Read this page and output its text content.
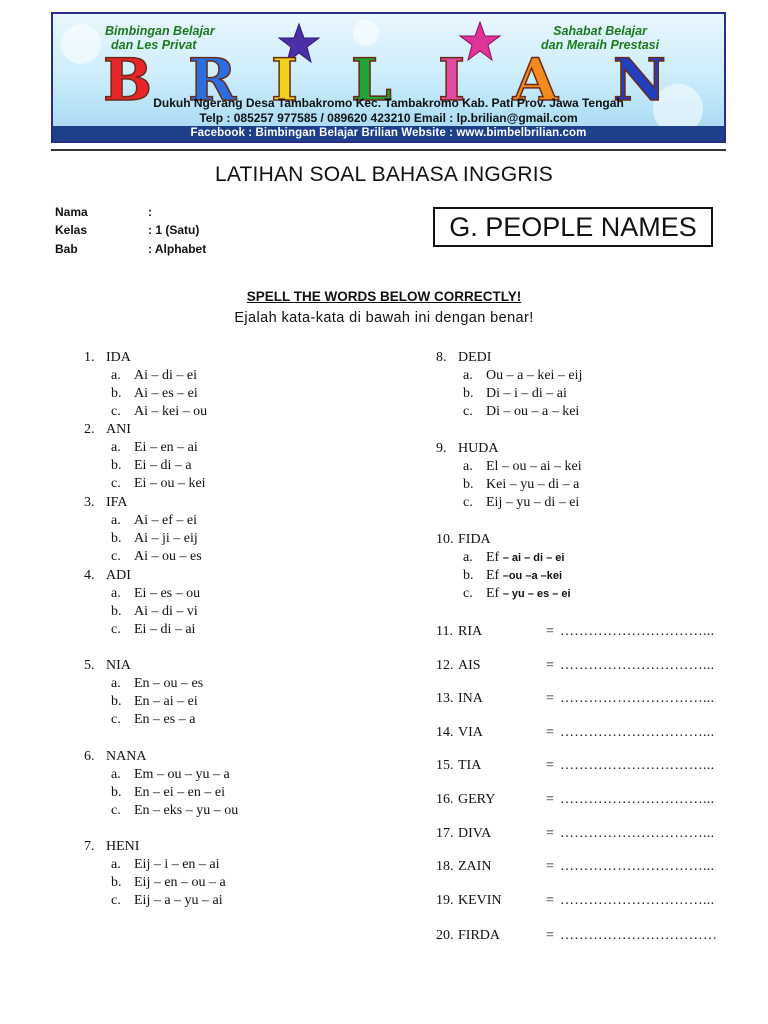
Bimbingan Belajar
dan Les Privat
Sahabat Belajar
dan Meraih Prestasi
B R I L I A N
Dukuh Ngerang Desa Tambakromo Kec. Tambakromo Kab. Pati Prov. Jawa Tengah
Telp : 085257 977585 / 089620 423210 Email : lp.brilian@gmail.com
Facebook : Bimbingan Belajar Brilian Website : www.bimbelbrilian.com
LATIHAN SOAL BAHASA INGGRIS
Nama	:
Kelas	: 1 (Satu)
Bab	: Alphabet
G. PEOPLE NAMES
SPELL THE WORDS BELOW CORRECTLY!
Ejalah kata-kata di bawah ini dengan benar!
1. IDA
a. Ai – di – ei
b. Ai – es – ei
c. Ai – kei – ou
2. ANI
a. Ei – en – ai
b. Ei – di – a
c. Ei – ou – kei
3. IFA
a. Ai – ef – ei
b. Ai – ji – eij
c. Ai – ou – es
4. ADI
a. Ei – es – ou
b. Ai – di – vi
c. Ei – di – ai
5. NIA
a. En – ou – es
b. En – ai – ei
c. En – es – a
6. NANA
a. Em – ou – yu – a
b. En – ei – en – ei
c. En – eks – yu – ou
7. HENI
a. Eij – i – en – ai
b. Eij – en – ou – a
c. Eij – a – yu – ai
8. DEDI
a. Ou – a – kei – eij
b. Di – i – di – ai
c. Di – ou – a – kei
9. HUDA
a. El – ou – ai – kei
b. Kei – yu – di – a
c. Eij – yu – di – ei
10. FIDA
a. Ef – ai – di – ei
b. Ef –ou –a –kei
c. Ef – yu – es – ei
11. RIA	= …………………………...
12. AIS	= …………………………...
13. INA	= …………………………...
14. VIA	= …………………………...
15. TIA	= …………………………...
16. GERY	= …………………………...
17. DIVA	= …………………………...
18. ZAIN	= …………………………...
19. KEVIN	= …………………………...
20. FIRDA	= ……………………………
